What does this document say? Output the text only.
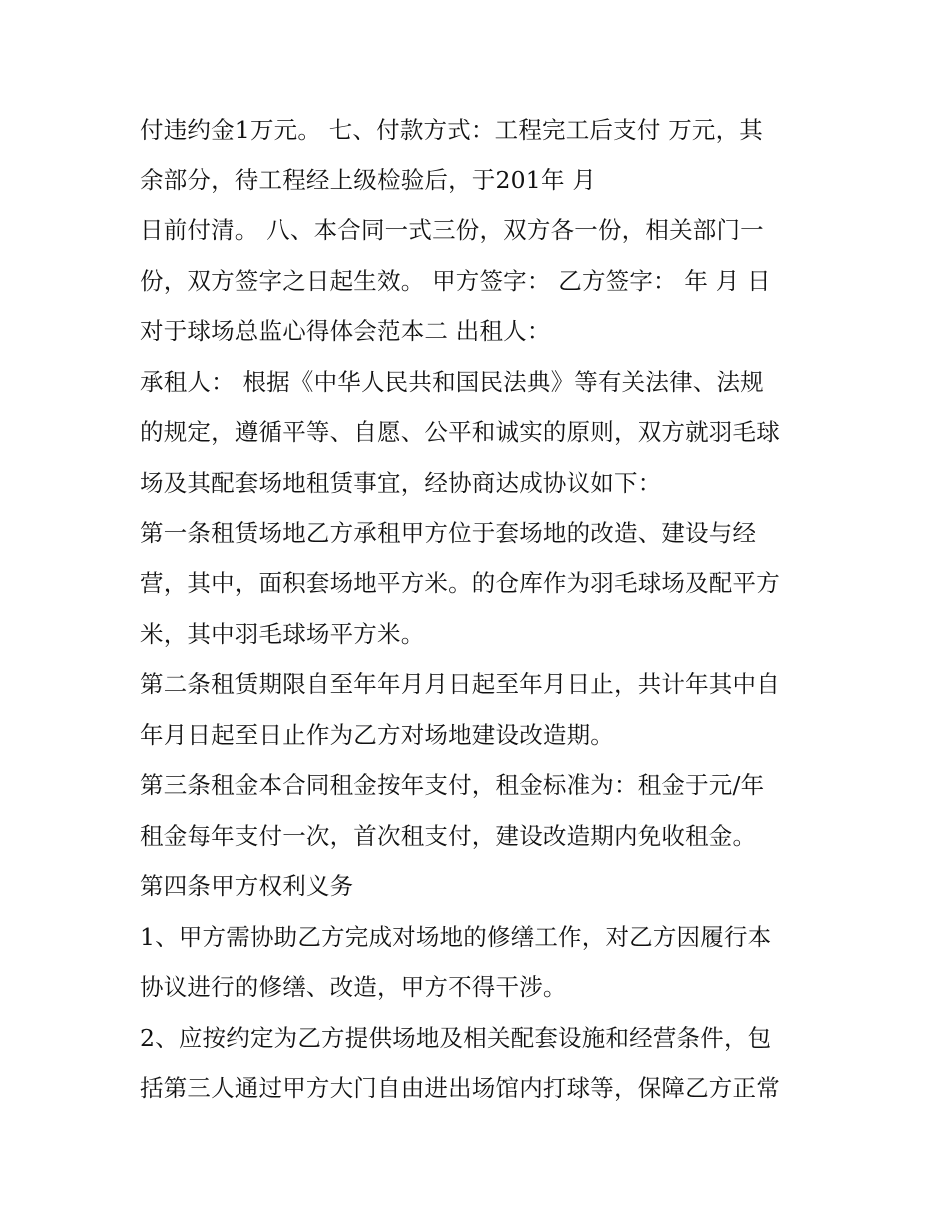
付违约金1万元。 七、付款方式：工程完工后支付 万元，其
余部分，待工程经上级检验后，于201年 月
日前付清。 八、本合同一式三份，双方各一份，相关部门一
份，双方签字之日起生效。 甲方签字： 乙方签字： 年 月 日
对于球场总监心得体会范本二 出租人：
承租人： 根据《中华人民共和国民法典》等有关法律、法规
的规定，遵循平等、自愿、公平和诚实的原则，双方就羽毛球
场及其配套场地租赁事宜，经协商达成协议如下：
第一条租赁场地乙方承租甲方位于套场地的改造、建设与经
营，其中，面积套场地平方米。的仓库作为羽毛球场及配平方
米，其中羽毛球场平方米。
第二条租赁期限自至年年月月日起至年月日止，共计年其中自
年月日起至日止作为乙方对场地建设改造期。
第三条租金本合同租金按年支付，租金标准为：租金于元/年
租金每年支付一次，首次租支付，建设改造期内免收租金。
第四条甲方权利义务
1、甲方需协助乙方完成对场地的修缮工作，对乙方因履行本
协议进行的修缮、改造，甲方不得干涉。
2、应按约定为乙方提供场地及相关配套设施和经营条件，包
括第三人通过甲方大门自由进出场馆内打球等，保障乙方正常
